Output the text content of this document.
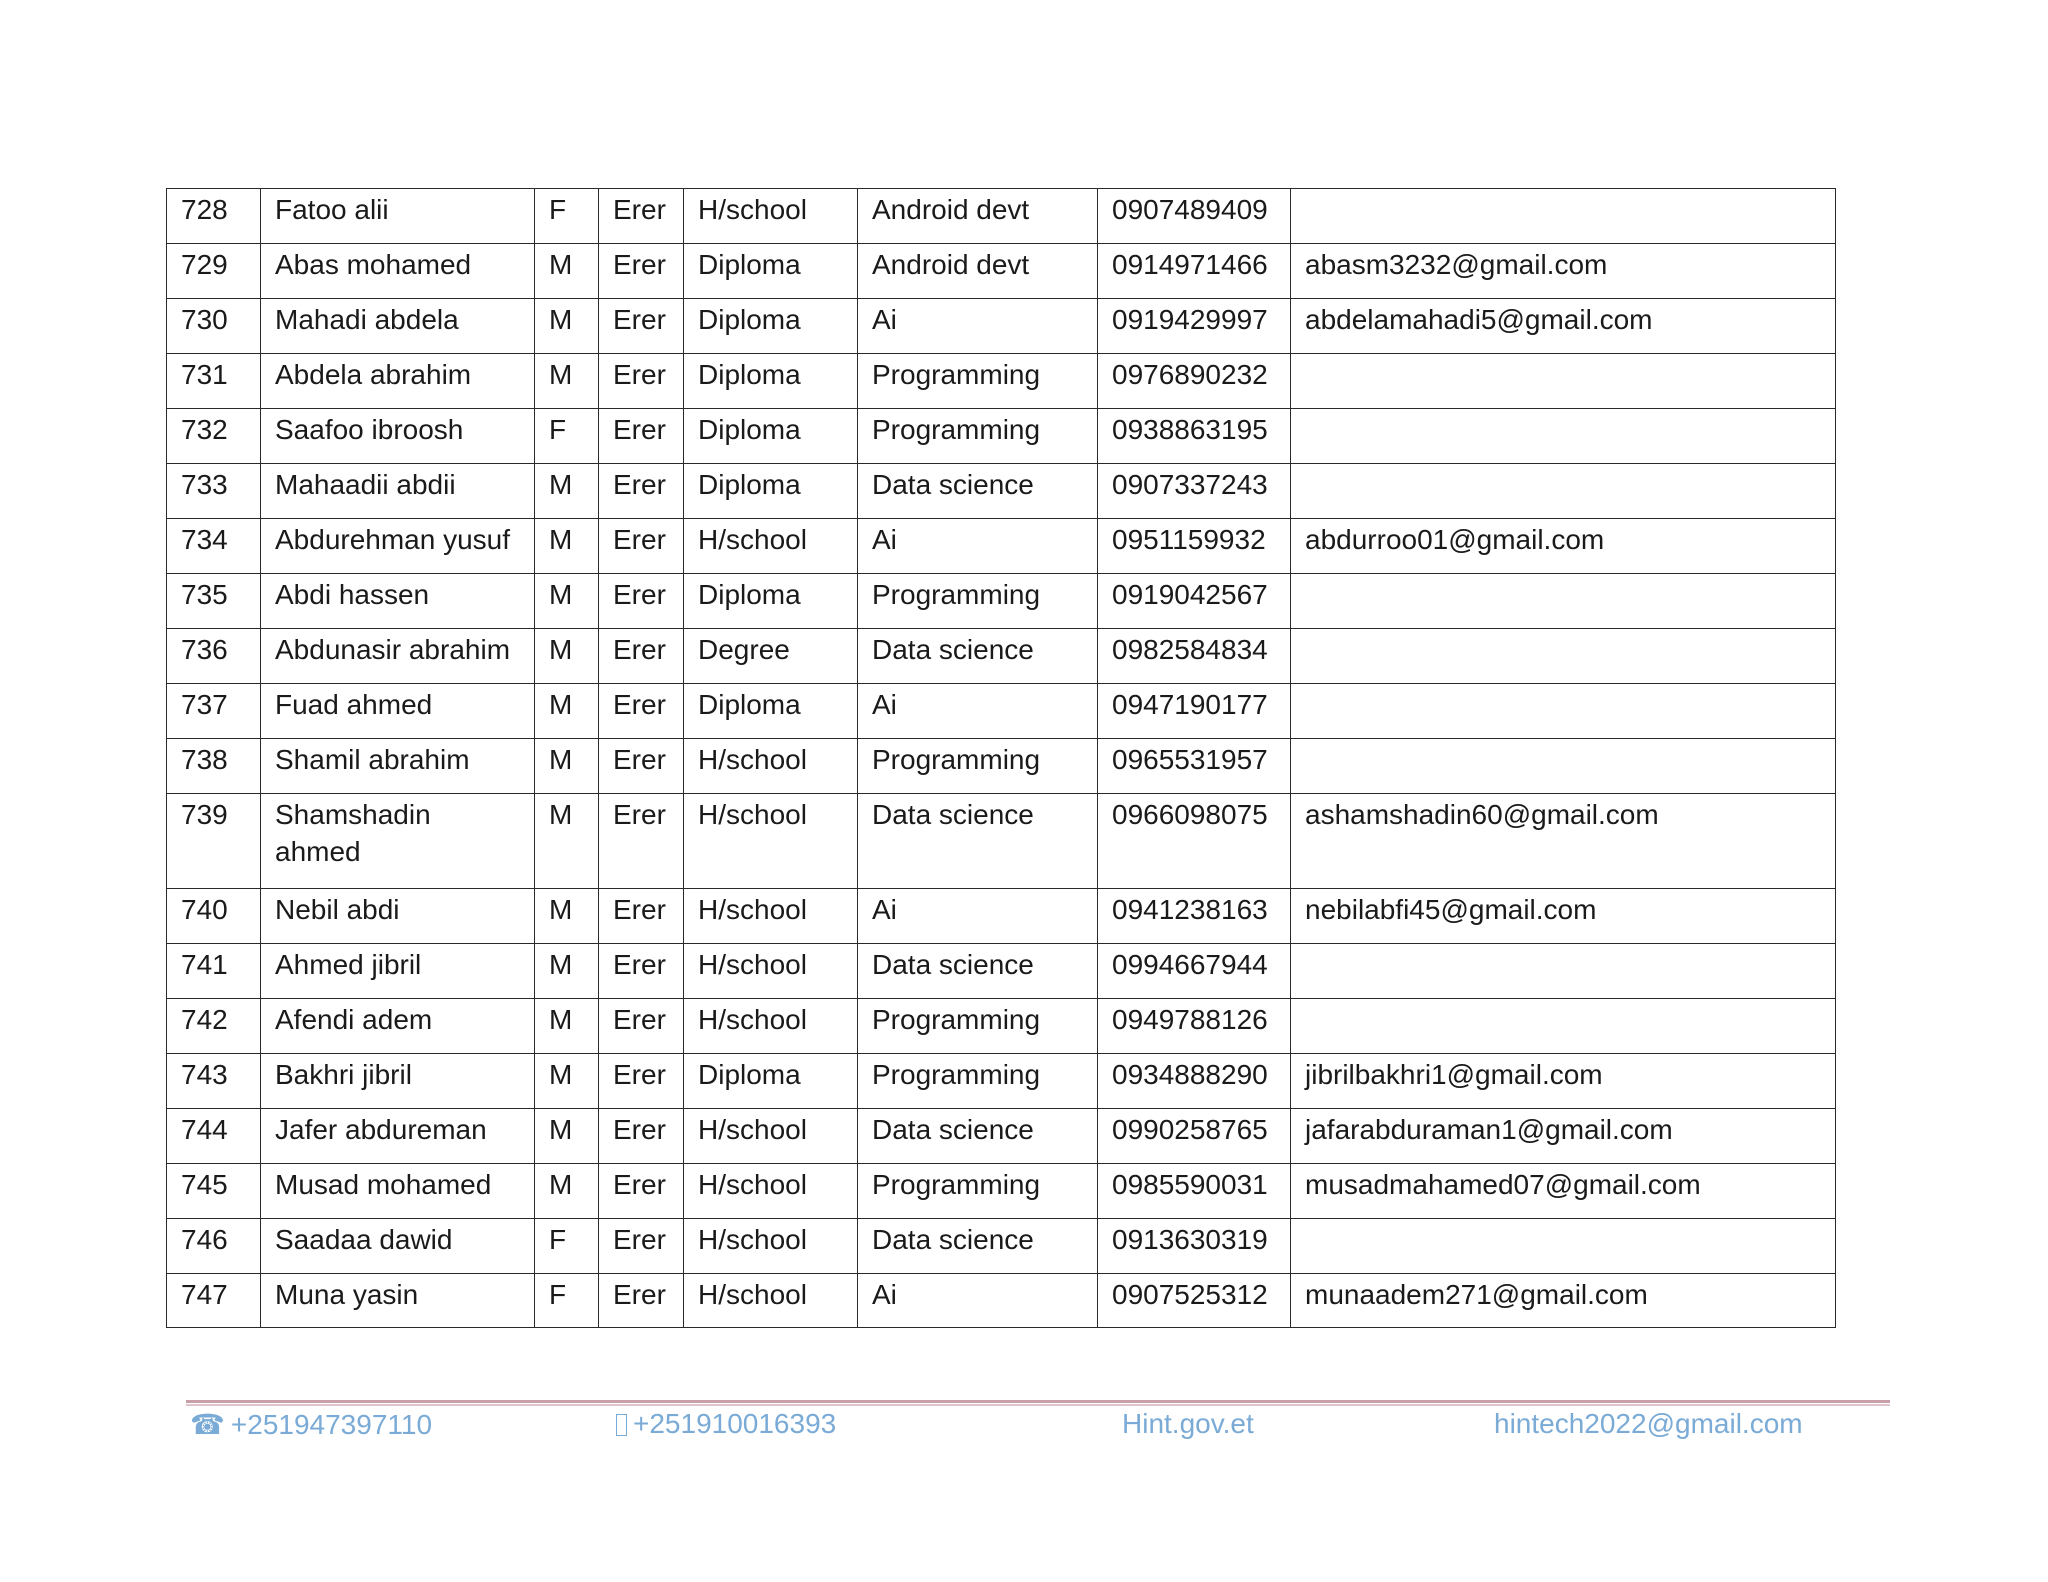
728	Fatoo alii	F	Erer	H/school	Android devt	0907489409	
729	Abas mohamed	M	Erer	Diploma	Android devt	0914971466	abasm3232@gmail.com
730	Mahadi abdela	M	Erer	Diploma	Ai	0919429997	abdelamahadi5@gmail.com
731	Abdela abrahim	M	Erer	Diploma	Programming	0976890232	
732	Saafoo ibroosh	F	Erer	Diploma	Programming	0938863195	
733	Mahaadii abdii	M	Erer	Diploma	Data science	0907337243	
734	Abdurehman yusuf	M	Erer	H/school	Ai	0951159932	abdurroo01@gmail.com
735	Abdi hassen	M	Erer	Diploma	Programming	0919042567	
736	Abdunasir abrahim	M	Erer	Degree	Data science	0982584834	
737	Fuad ahmed	M	Erer	Diploma	Ai	0947190177	
738	Shamil abrahim	M	Erer	H/school	Programming	0965531957	
739	Shamshadin ahmed	M	Erer	H/school	Data science	0966098075	ashamshadin60@gmail.com
740	Nebil abdi	M	Erer	H/school	Ai	0941238163	nebilabfi45@gmail.com
741	Ahmed jibril	M	Erer	H/school	Data science	0994667944	
742	Afendi adem	M	Erer	H/school	Programming	0949788126	
743	Bakhri jibril	M	Erer	Diploma	Programming	0934888290	jibrilbakhri1@gmail.com
744	Jafer abdureman	M	Erer	H/school	Data science	0990258765	jafarabduraman1@gmail.com
745	Musad mohamed	M	Erer	H/school	Programming	0985590031	musadmahamed07@gmail.com
746	Saadaa dawid	F	Erer	H/school	Data science	0913630319	
747	Muna yasin	F	Erer	H/school	Ai	0907525312	munaadem271@gmail.com
☎ +251947397110	+251910016393	Hint.gov.et	hintech2022@gmail.com
